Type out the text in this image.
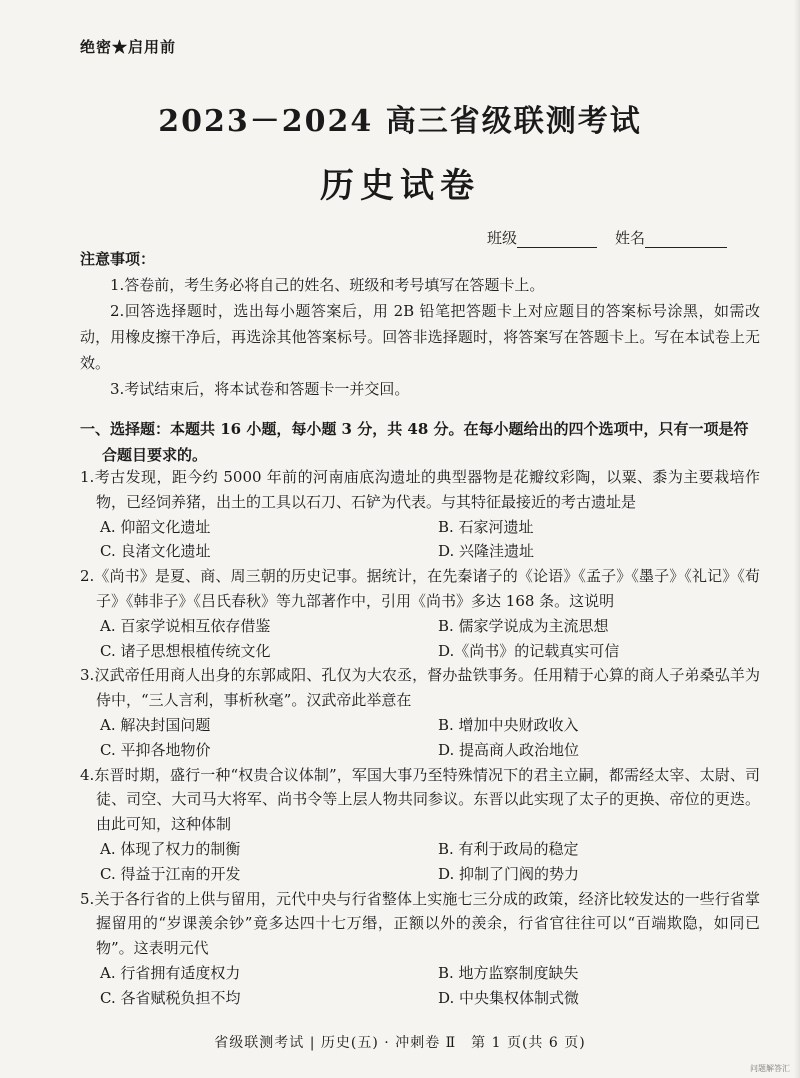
绝密★启用前
2023－2024 高三省级联测考试
历史试卷
班级	姓名
注意事项：

1.答卷前，考生务必将自己的姓名、班级和考号填写在答题卡上。

2.回答选择题时，选出每小题答案后，用 2B 铅笔把答题卡上对应题目的答案标号涂黑，如需改动，用橡皮擦干净后，再选涂其他答案标号。回答非选择题时，将答案写在答题卡上。写在本试卷上无效。

3.考试结束后，将本试卷和答题卡一并交回。

一、选择题：本题共 16 小题，每小题 3 分，共 48 分。在每小题给出的四个选项中，只有一项是符
合题目要求的。
1.考古发现，距今约 5000 年前的河南庙底沟遗址的典型器物是花瓣纹彩陶，以粟、黍为主要栽培作物，已经饲养猪，出土的工具以石刀、石铲为代表。与其特征最接近的考古遗址是
A. 仰韶文化遗址	B. 石家河遗址
C. 良渚文化遗址	D. 兴隆洼遗址
2.《尚书》是夏、商、周三朝的历史记事。据统计，在先秦诸子的《论语》《孟子》《墨子》《礼记》《荀子》《韩非子》《吕氏春秋》等九部著作中，引用《尚书》多达 168 条。这说明
A. 百家学说相互依存借鉴	B. 儒家学说成为主流思想
C. 诸子思想根植传统文化	D.《尚书》的记载真实可信
3.汉武帝任用商人出身的东郭咸阳、孔仅为大农丞，督办盐铁事务。任用精于心算的商人子弟桑弘羊为侍中，“三人言利，事析秋毫”。汉武帝此举意在
A. 解决封国问题	B. 增加中央财政收入
C. 平抑各地物价	D. 提高商人政治地位
4.东晋时期，盛行一种“权贵合议体制”，军国大事乃至特殊情况下的君主立嗣，都需经太宰、太尉、司徒、司空、大司马大将军、尚书令等上层人物共同参议。东晋以此实现了太子的更换、帝位的更迭。由此可知，这种体制
A. 体现了权力的制衡	B. 有利于政局的稳定
C. 得益于江南的开发	D. 抑制了门阀的势力
5.关于各行省的上供与留用，元代中央与行省整体上实施七三分成的政策，经济比较发达的一些行省掌握留用的“岁课羡余钞”竟多达四十七万缗，正额以外的羡余，行省官往往可以“百端欺隐，如同已物”。这表明元代
A. 行省拥有适度权力	B. 地方监察制度缺失
C. 各省赋税负担不均	D. 中央集权体制式微
省级联测考试 | 历史(五) · 冲刺卷 Ⅱ　第 1 页(共 6 页)
问题解答汇
